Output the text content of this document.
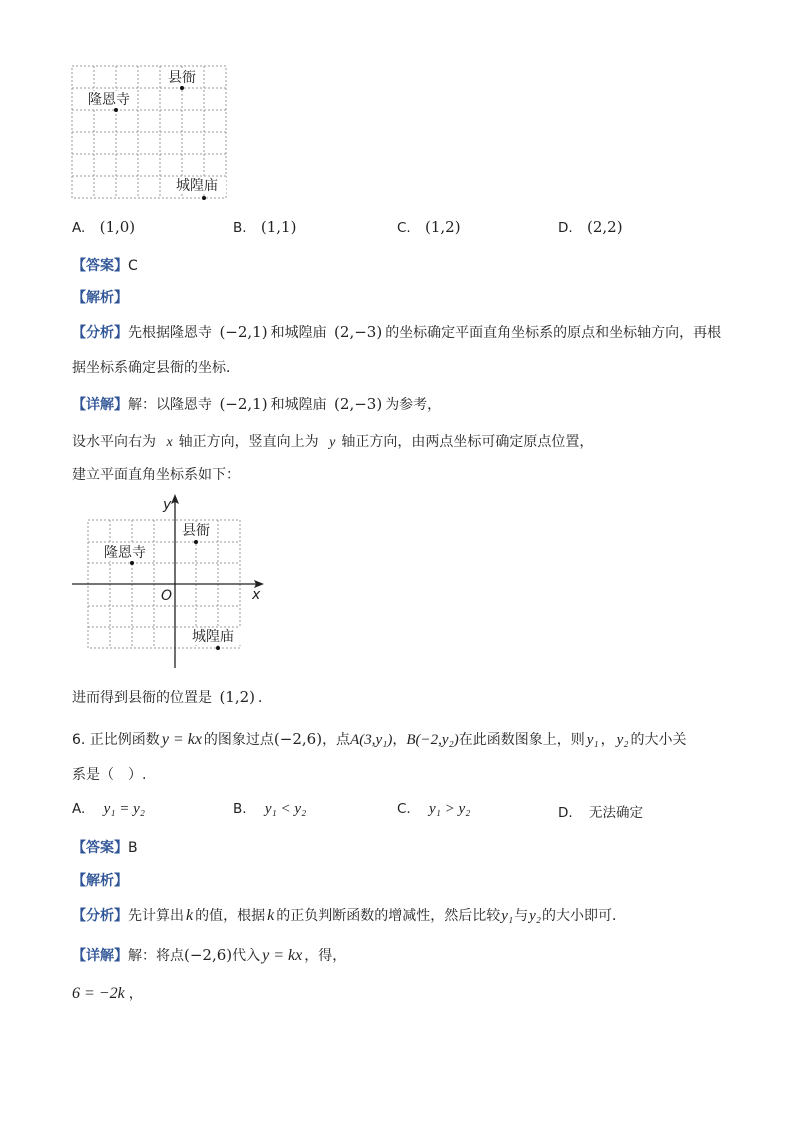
县衙
隆恩寺
城隍庙
A. (1,0)	B. (1,1)	C. (1,2)	D. (2,2)
【答案】C
【解析】
【分析】先根据隆恩寺 (−2,1) 和城隍庙 (2,−3) 的坐标确定平面直角坐标系的原点和坐标轴方向，再根
据坐标系确定县衙的坐标．
【详解】解：以隆恩寺 (−2,1) 和城隍庙 (2,−3) 为参考，
设水平向右为 x 轴正方向，竖直向上为 y 轴正方向，由两点坐标可确定原点位置，
建立平面直角坐标系如下：
y
x
O
县衙
隆恩寺
城隍庙
进而得到县衙的位置是 (1,2) ．
6. 正比例函数 y = kx 的图象过点(−2,6)，点A(3,y₁)，B(−2,y₂)在此函数图象上，则 y₁ ， y₂ 的大小关
系是（　）.
A. y₁ = y₂	B. y₁ < y₂	C. y₁ > y₂	D. 无法确定
【答案】B
【解析】
【分析】先计算出 k 的值，根据 k 的正负判断函数的增减性，然后比较y₁与y₂的大小即可．
【详解】解：将点(−2,6)代入 y = kx ，得，
6 = −2k ，
